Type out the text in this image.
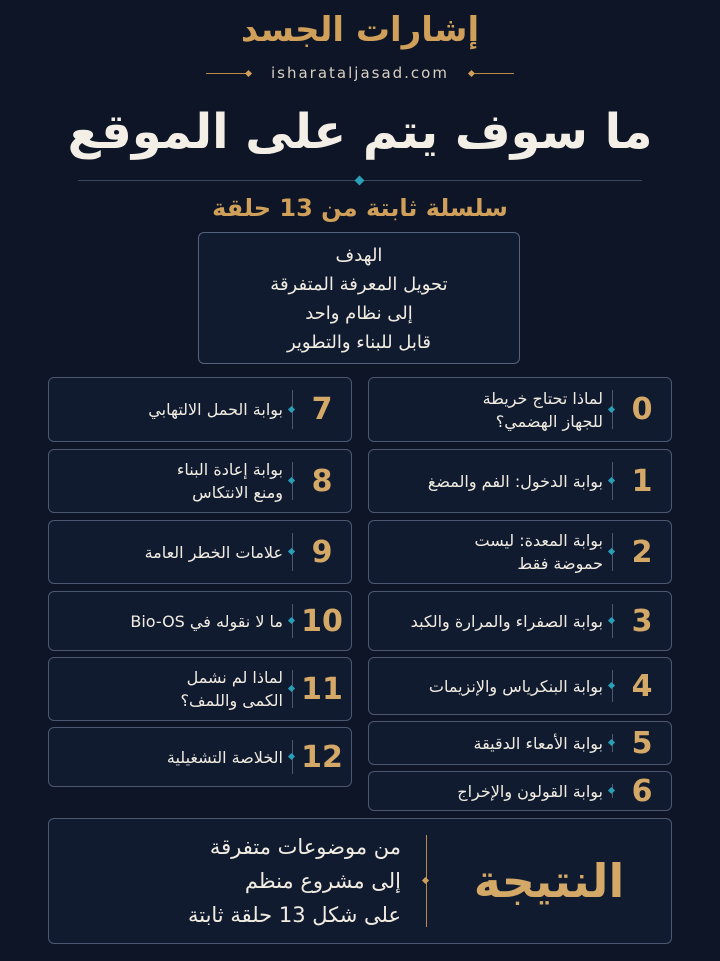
إشارات الجسد
isharataljasad.com
ما سوف يتم على الموقع
سلسلة ثابتة من 13 حلقة
الهدف
تحويل المعرفة المتفرقة
إلى نظام واحد
قابل للبناء والتطوير
0
لماذا تحتاج خريطة
للجهاز الهضمي؟
1
بوابة الدخول: الفم والمضغ
2
بوابة المعدة: ليست
حموضة فقط
3
بوابة الصفراء والمرارة والكبد
4
بوابة البنكرياس والإنزيمات
5
بوابة الأمعاء الدقيقة
6
بوابة القولون والإخراج
7
بوابة الحمل الالتهابي
8
بوابة إعادة البناء
ومنع الانتكاس
9
علامات الخطر العامة
10
ما لا نقوله في Bio-OS
11
لماذا لم نشمل
الكمى واللمف؟
12
الخلاصة التشغيلية
النتيجة
من موضوعات متفرقة
إلى مشروع منظم
على شكل 13 حلقة ثابتة
